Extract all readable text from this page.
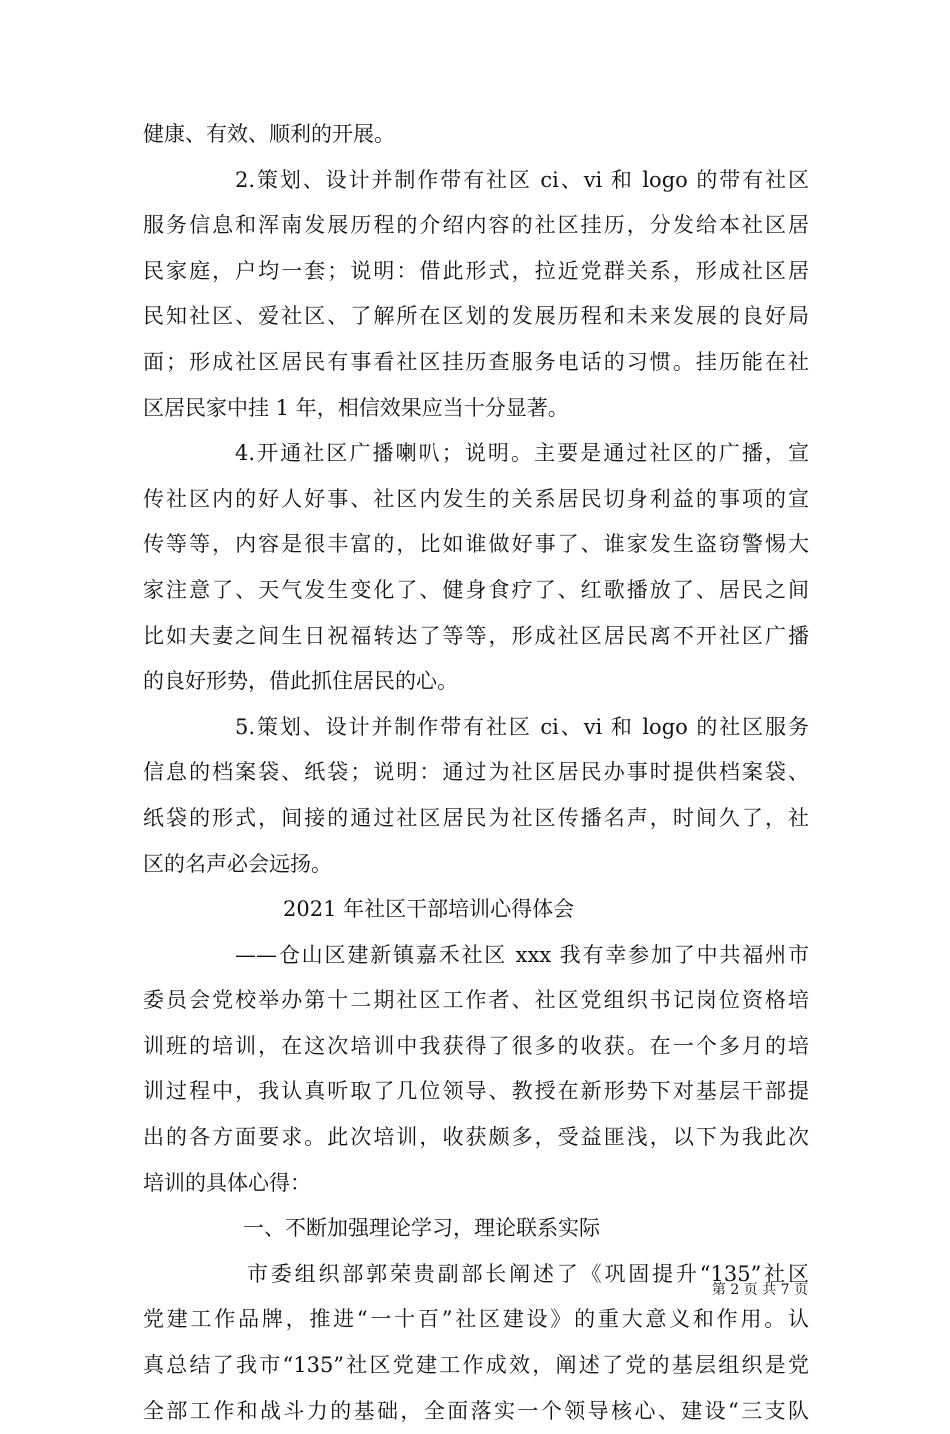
健康、有效、顺利的开展。
2.策划、设计并制作带有社区 ci、vi 和 logo 的带有社区
服务信息和浑南发展历程的介绍内容的社区挂历，分发给本社区居
民家庭，户均一套；说明：借此形式，拉近党群关系，形成社区居
民知社区、爱社区、了解所在区划的发展历程和未来发展的良好局
面；形成社区居民有事看社区挂历查服务电话的习惯。挂历能在社
区居民家中挂 1 年，相信效果应当十分显著。
4.开通社区广播喇叭；说明。主要是通过社区的广播，宣
传社区内的好人好事、社区内发生的关系居民切身利益的事项的宣
传等等，内容是很丰富的，比如谁做好事了、谁家发生盗窃警惕大
家注意了、天气发生变化了、健身食疗了、红歌播放了、居民之间
比如夫妻之间生日祝福转达了等等，形成社区居民离不开社区广播
的良好形势，借此抓住居民的心。
5.策划、设计并制作带有社区 ci、vi 和 logo 的社区服务
信息的档案袋、纸袋；说明：通过为社区居民办事时提供档案袋、
纸袋的形式，间接的通过社区居民为社区传播名声，时间久了，社
区的名声必会远扬。
2021 年社区干部培训心得体会
——仓山区建新镇嘉禾社区 xxx 我有幸参加了中共福州市
委员会党校举办第十二期社区工作者、社区党组织书记岗位资格培
训班的培训，在这次培训中我获得了很多的收获。在一个多月的培
训过程中，我认真听取了几位领导、教授在新形势下对基层干部提
出的各方面要求。此次培训，收获颇多，受益匪浅，以下为我此次
培训的具体心得：
一、不断加强理论学习，理论联系实际
市委组织部郭荣贵副部长阐述了《巩固提升“135”社区
党建工作品牌，推进“一十百”社区建设》的重大意义和作用。认
真总结了我市“135”社区党建工作成效，阐述了党的基层组织是党
全部工作和战斗力的基础，全面落实一个领导核心、建设“三支队
第 2 页 共 7 页
